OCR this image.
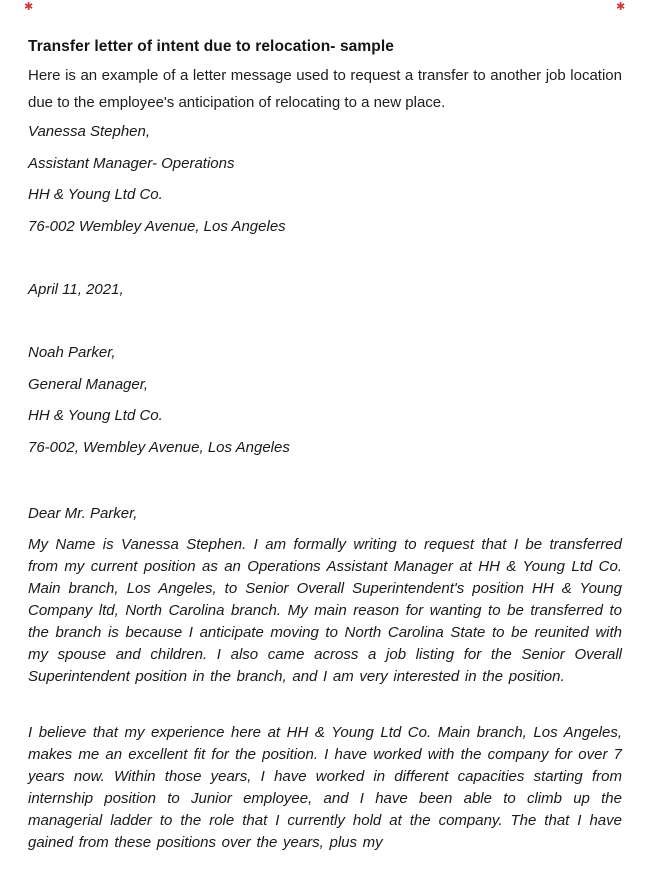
✱	✱
Transfer letter of intent due to relocation- sample

Here is an example of a letter message used to request a transfer to another job location due to the employee's anticipation of relocating to a new place.

Vanessa Stephen,

Assistant Manager- Operations

HH & Young Ltd Co.

76-002 Wembley Avenue, Los Angeles

April 11, 2021,

Noah Parker,

General Manager,

HH & Young Ltd Co.

76-002, Wembley Avenue, Los Angeles

Dear Mr. Parker,

My Name is Vanessa Stephen. I am formally writing to request that I be transferred from my current position as an Operations Assistant Manager at HH & Young Ltd Co. Main branch, Los Angeles, to Senior Overall Superintendent's position HH & Young Company ltd, North Carolina branch. My main reason for wanting to be transferred to the branch is because I anticipate moving to North Carolina State to be reunited with my spouse and children. I also came across a job listing for the Senior Overall Superintendent position in the branch, and I am very interested in the position.

I believe that my experience here at HH & Young Ltd Co. Main branch, Los Angeles, makes me an excellent fit for the position. I have worked with the company for over 7 years now. Within those years, I have worked in different capacities starting from internship position to Junior employee, and I have been able to climb up the managerial ladder to the role that I currently hold at the company. The that I have gained from these positions over the years, plus my
